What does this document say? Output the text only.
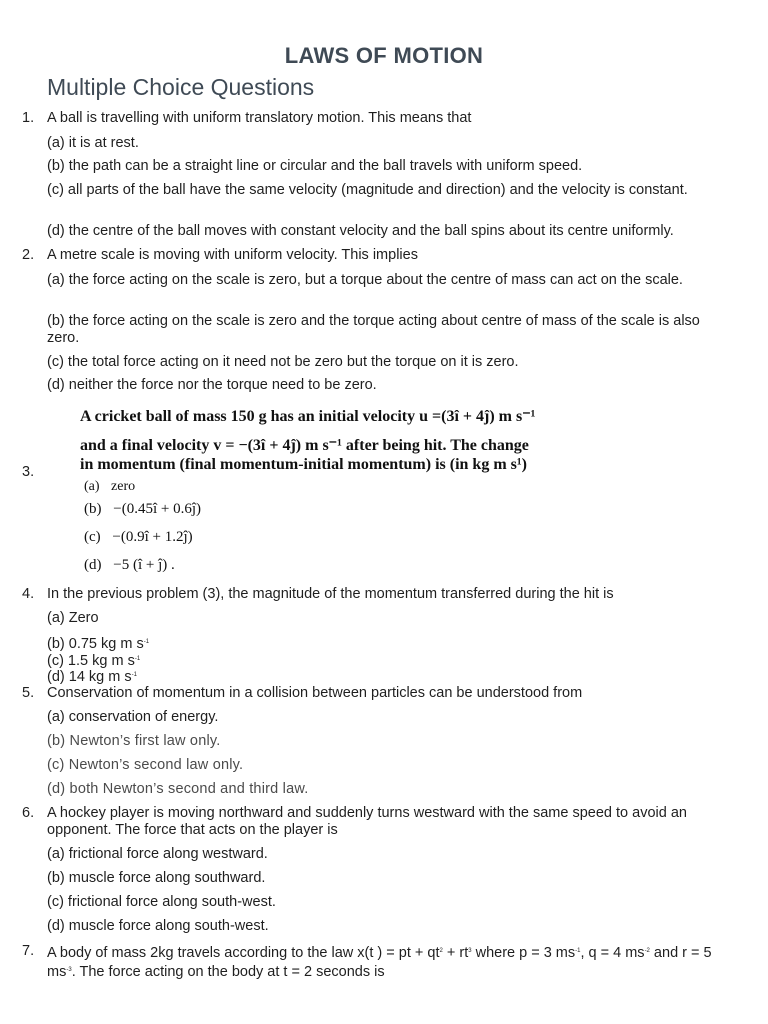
LAWS OF MOTION
Multiple Choice Questions
1. A ball is travelling with uniform translatory motion. This means that
(a) it is at rest.
(b) the path can be a straight line or circular and the ball travels with uniform speed.
(c) all parts of the ball have the same velocity (magnitude and direction) and the velocity is constant.
(d) the centre of the ball moves with constant velocity and the ball spins about its centre uniformly.
2. A metre scale is moving with uniform velocity. This implies
(a) the force acting on the scale is zero, but a torque about the centre of mass can act on the scale.
(b) the force acting on the scale is zero and the torque acting about centre of mass of the scale is also zero.
(c) the total force acting on it need not be zero but the torque on it is zero.
(d) neither the force nor the torque need to be zero.
3.
A cricket ball of mass 150 g has an initial velocity u =(3î + 4ĵ) m s⁻¹
and a final velocity v = −(3î + 4ĵ) m s⁻¹ after being hit. The change
in momentum (final momentum-initial momentum) is (in kg m s¹)
(a) zero
(b) −(0.45î + 0.6ĵ)
(c) −(0.9î + 1.2ĵ)
(d) −5 (î + ĵ) .
4. In the previous problem (3), the magnitude of the momentum transferred during the hit is
(a) Zero
(b) 0.75 kg m $s^{-1}$
(c) 1.5 kg m $s^{-1}$
(d) 14 kg m $s^{-1}$
5. Conservation of momentum in a collision between particles can be understood from
(a) conservation of energy.
(b) Newton’s first law only.
(c) Newton’s second law only.
(d) both Newton’s second and third law.
6. A hockey player is moving northward and suddenly turns westward with the same speed to avoid an opponent. The force that acts on the player is
(a) frictional force along westward.
(b) muscle force along southward.
(c) frictional force along south-west.
(d) muscle force along south-west.
7. A body of mass 2kg travels according to the law x(t ) = pt + $qt^2 + rt^3$ where p = 3 $ms^{-1}$, q = 4 $ms^{-2}$ and r = 5 $ms^{-3}$. The force acting on the body at t = 2 seconds is
